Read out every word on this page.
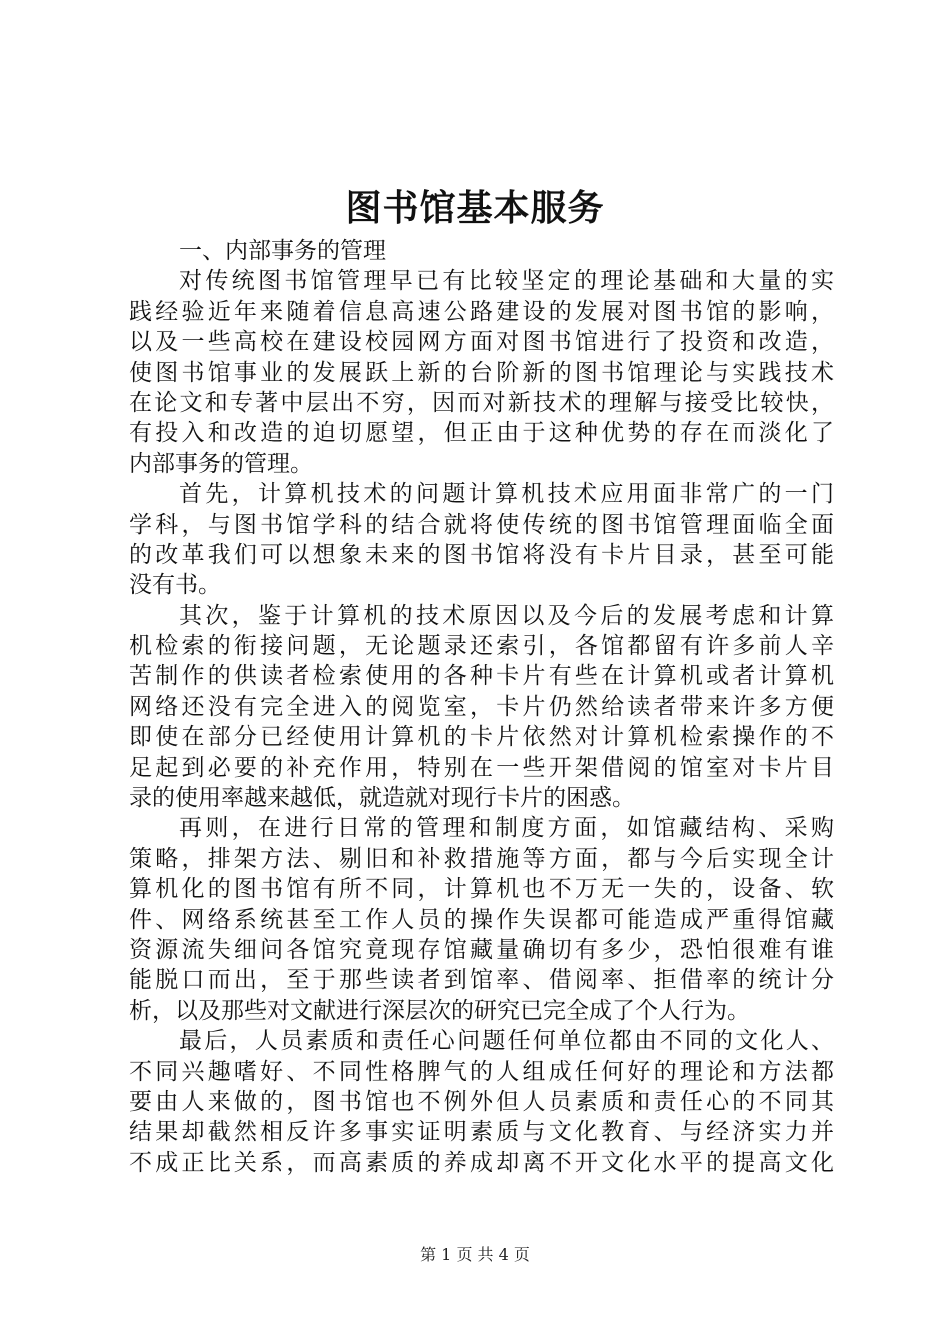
图书馆基本服务
一、内部事务的管理
对传统图书馆管理早已有比较坚定的理论基础和大量的实
践经验近年来随着信息高速公路建设的发展对图书馆的影响，
以及一些高校在建设校园网方面对图书馆进行了投资和改造，
使图书馆事业的发展跃上新的台阶新的图书馆理论与实践技术
在论文和专著中层出不穷，因而对新技术的理解与接受比较快，
有投入和改造的迫切愿望，但正由于这种优势的存在而淡化了
内部事务的管理。
首先，计算机技术的问题计算机技术应用面非常广的一门
学科，与图书馆学科的结合就将使传统的图书馆管理面临全面
的改革我们可以想象未来的图书馆将没有卡片目录，甚至可能
没有书。
其次，鉴于计算机的技术原因以及今后的发展考虑和计算
机检索的衔接问题，无论题录还索引，各馆都留有许多前人辛
苦制作的供读者检索使用的各种卡片有些在计算机或者计算机
网络还没有完全进入的阅览室，卡片仍然给读者带来许多方便
即使在部分已经使用计算机的卡片依然对计算机检索操作的不
足起到必要的补充作用，特别在一些开架借阅的馆室对卡片目
录的使用率越来越低，就造就对现行卡片的困惑。
再则，在进行日常的管理和制度方面，如馆藏结构、采购
策略，排架方法、剔旧和补救措施等方面，都与今后实现全计
算机化的图书馆有所不同，计算机也不万无一失的，设备、软
件、网络系统甚至工作人员的操作失误都可能造成严重得馆藏
资源流失细问各馆究竟现存馆藏量确切有多少，恐怕很难有谁
能脱口而出，至于那些读者到馆率、借阅率、拒借率的统计分
析，以及那些对文献进行深层次的研究已完全成了个人行为。
最后，人员素质和责任心问题任何单位都由不同的文化人、
不同兴趣嗜好、不同性格脾气的人组成任何好的理论和方法都
要由人来做的，图书馆也不例外但人员素质和责任心的不同其
结果却截然相反许多事实证明素质与文化教育、与经济实力并
不成正比关系，而高素质的养成却离不开文化水平的提高文化
第 1 页 共 4 页
